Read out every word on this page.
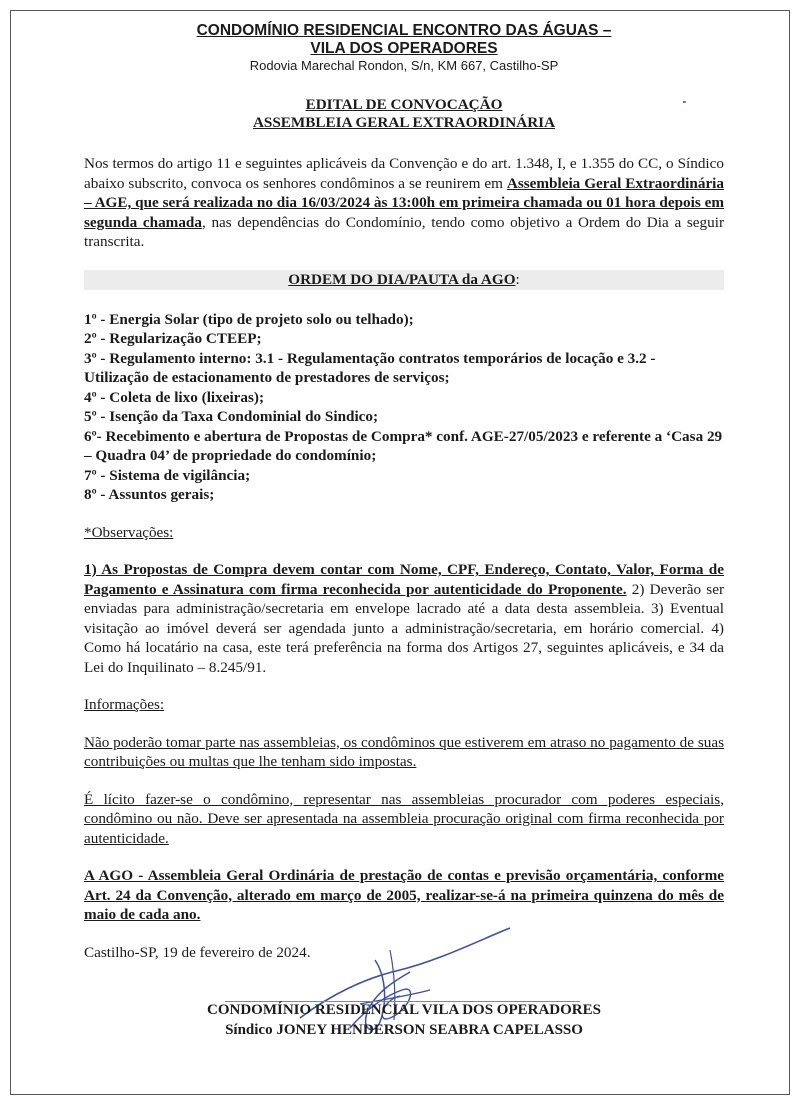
CONDOMÍNIO RESIDENCIAL ENCONTRO DAS ÁGUAS –
VILA DOS OPERADORES
Rodovia Marechal Rondon, S/n, KM 667, Castilho-SP
EDITAL DE CONVOCAÇÃO
ASSEMBLEIA GERAL EXTRAORDINÁRIA

Nos termos do artigo 11 e seguintes aplicáveis da Convenção e do art. 1.348, I, e 1.355 do CC, o Síndico abaixo subscrito, convoca os senhores condôminos a se reunirem em Assembleia Geral Extraordinária – AGE, que será realizada no dia 16/03/2024 às 13:00h em primeira chamada ou 01 hora depois em segunda chamada, nas dependências do Condomínio, tendo como objetivo a Ordem do Dia a seguir transcrita.

ORDEM DO DIA/PAUTA da AGO:
1º - Energia Solar (tipo de projeto solo ou telhado);
2º - Regularização CTEEP;
3º - Regulamento interno: 3.1 - Regulamentação contratos temporários de locação e 3.2 - Utilização de estacionamento de prestadores de serviços;
4º - Coleta de lixo (lixeiras);
5º - Isenção da Taxa Condominial do Sindico;
6º- Recebimento e abertura de Propostas de Compra* conf. AGE-27/05/2023 e referente a ‘Casa 29 – Quadra 04’ de propriedade do condomínio;
7º - Sistema de vigilância;
8º - Assuntos gerais;
*Observações:

1) As Propostas de Compra devem contar com Nome, CPF, Endereço, Contato, Valor, Forma de Pagamento e Assinatura com firma reconhecida por autenticidade do Proponente. 2) Deverão ser enviadas para administração/secretaria em envelope lacrado até a data desta assembleia. 3) Eventual visitação ao imóvel deverá ser agendada junto a administração/secretaria, em horário comercial. 4) Como há locatário na casa, este terá preferência na forma dos Artigos 27, seguintes aplicáveis, e 34 da Lei do Inquilinato – 8.245/91.

Informações:

Não poderão tomar parte nas assembleias, os condôminos que estiverem em atraso no pagamento de suas contribuições ou multas que lhe tenham sido impostas.

É lícito fazer-se o condômino, representar nas assembleias procurador com poderes especiais, condômino ou não. Deve ser apresentada na assembleia procuração original com firma reconhecida por autenticidade.

A AGO - Assembleia Geral Ordinária de prestação de contas e previsão orçamentária, conforme Art. 24 da Convenção, alterado em março de 2005, realizar-se-á na primeira quinzena do mês de maio de cada ano.

Castilho-SP, 19 de fevereiro de 2024.

CONDOMÍNIO RESIDENCIAL VILA DOS OPERADORES
Síndico JONEY HENDERSON SEABRA CAPELASSO
